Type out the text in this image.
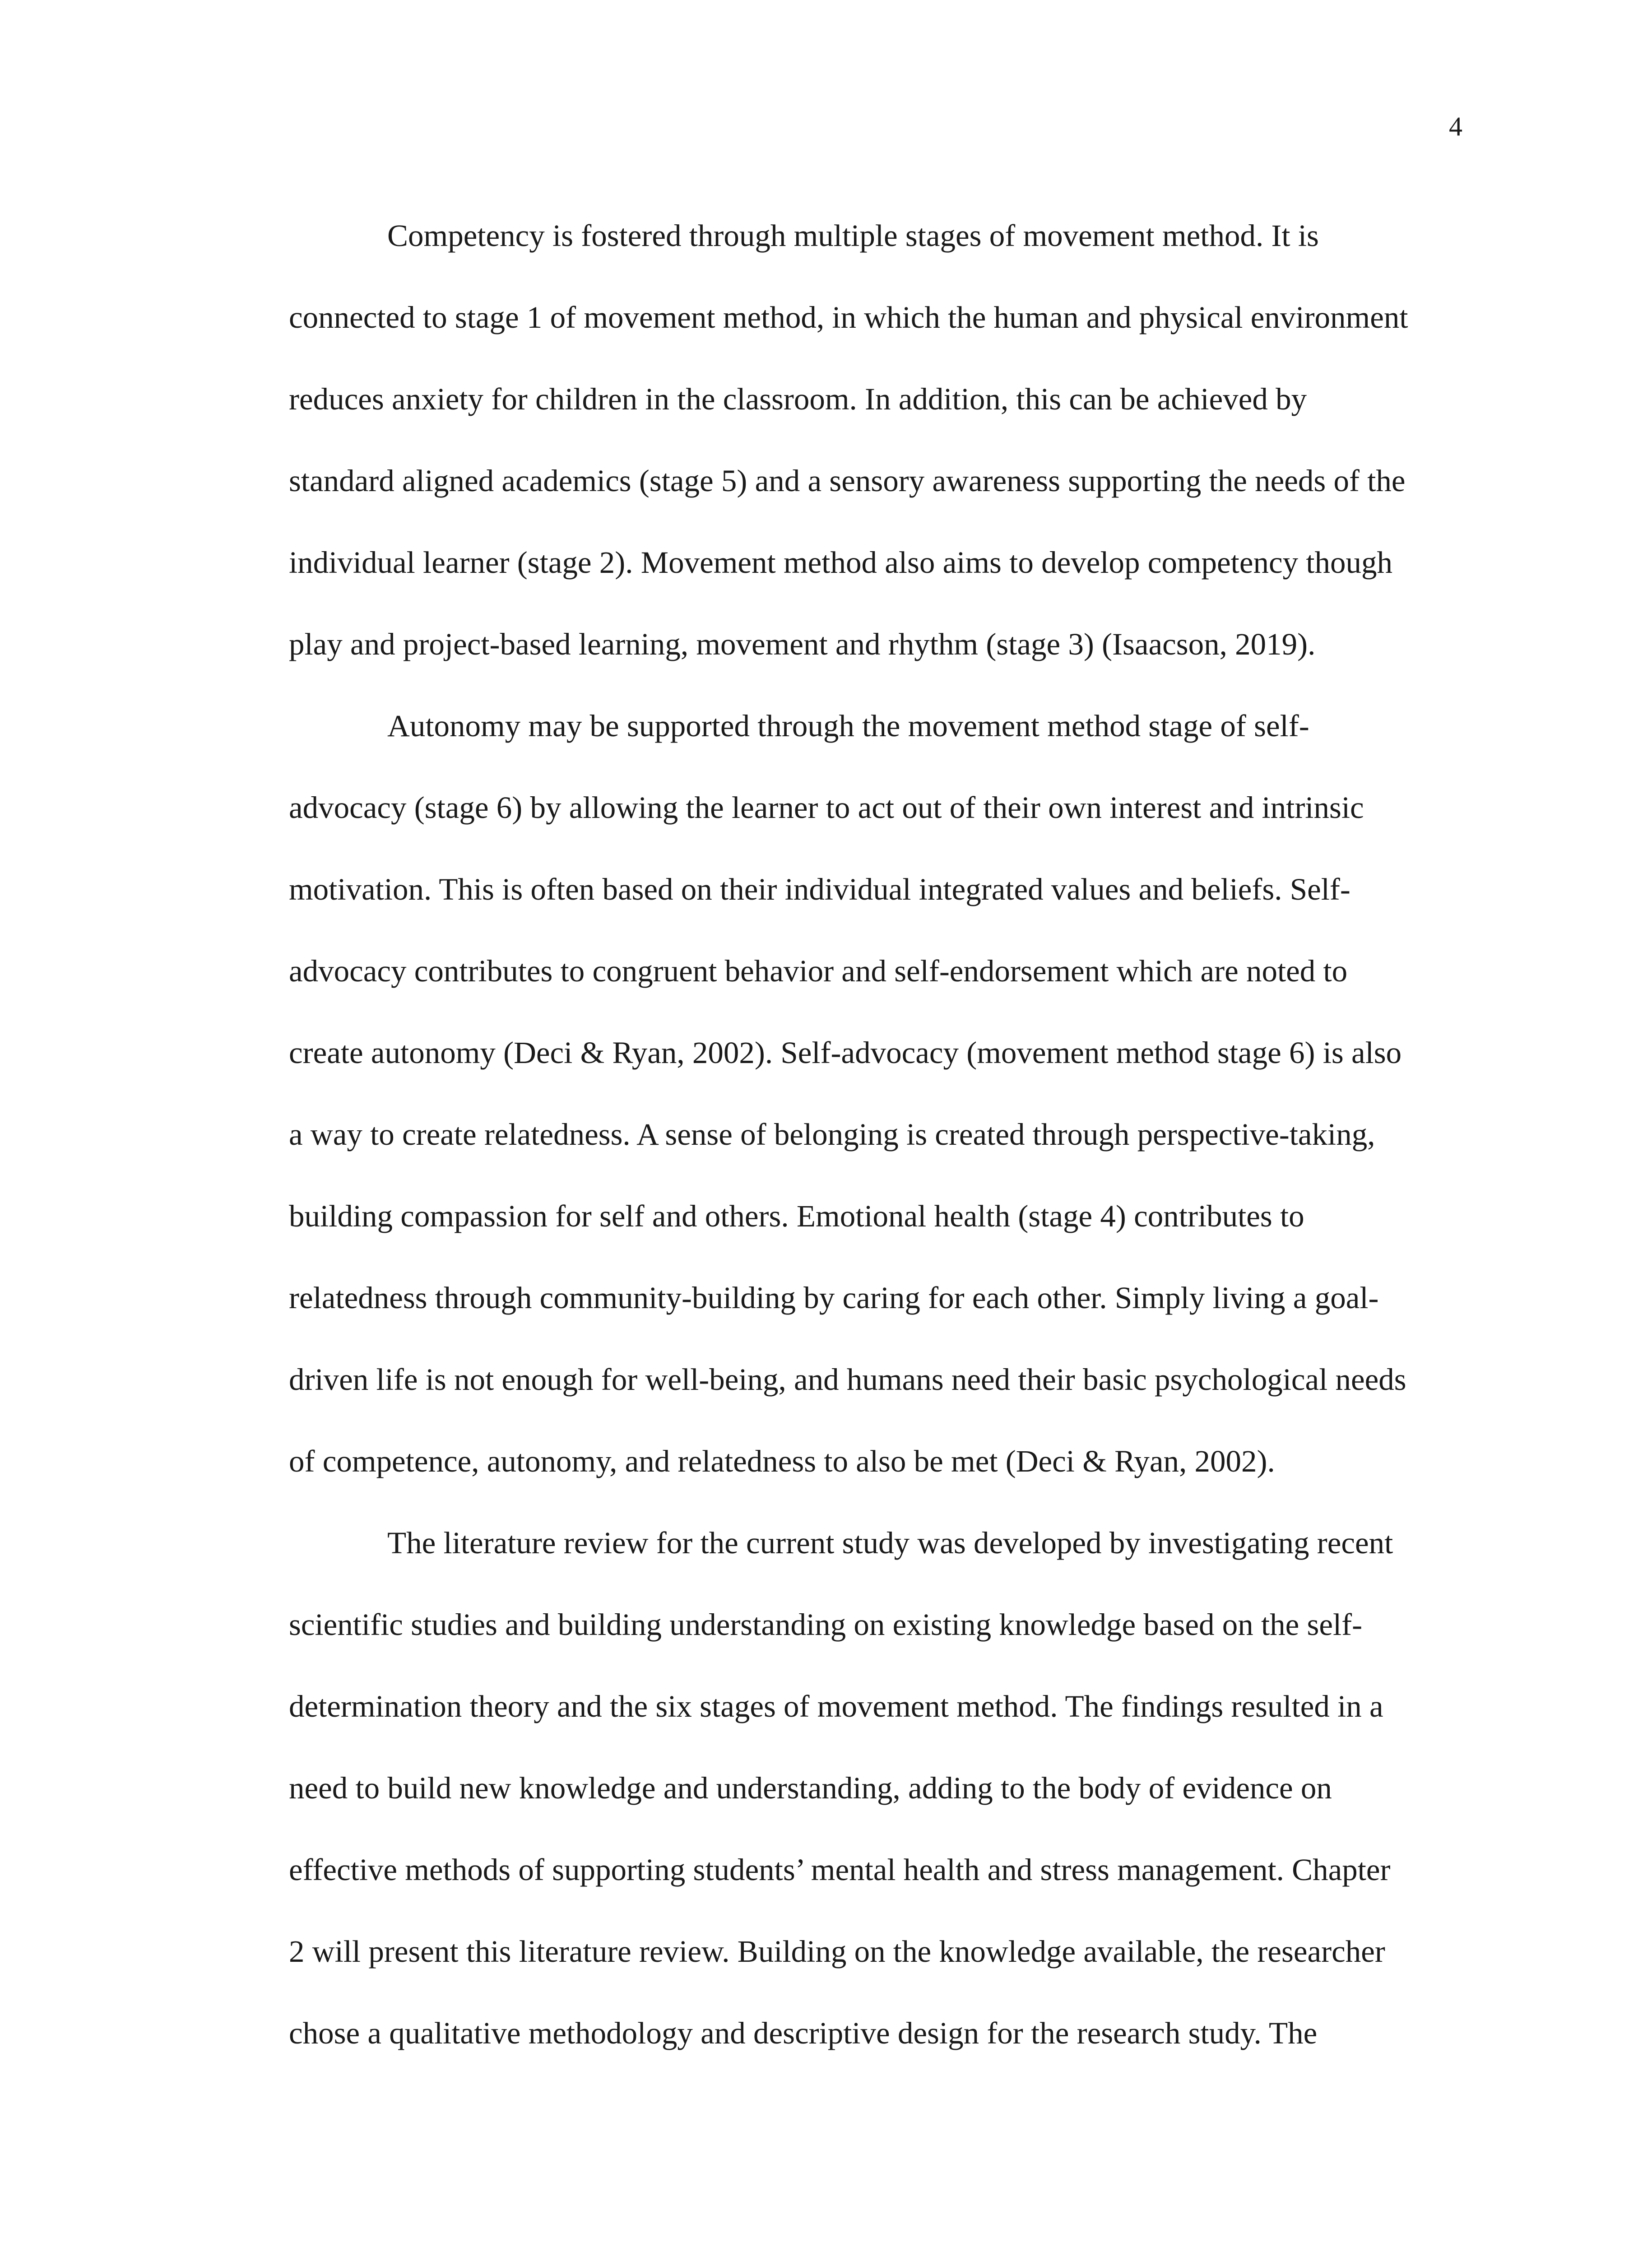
4
Competency is fostered through multiple stages of movement method. It is
connected to stage 1 of movement method, in which the human and physical environment
reduces anxiety for children in the classroom. In addition, this can be achieved by
standard aligned academics (stage 5) and a sensory awareness supporting the needs of the
individual learner (stage 2). Movement method also aims to develop competency though
play and project-based learning, movement and rhythm (stage 3) (Isaacson, 2019).
Autonomy may be supported through the movement method stage of self-
advocacy (stage 6) by allowing the learner to act out of their own interest and intrinsic
motivation. This is often based on their individual integrated values and beliefs. Self-
advocacy contributes to congruent behavior and self-endorsement which are noted to
create autonomy (Deci & Ryan, 2002). Self-advocacy (movement method stage 6) is also
a way to create relatedness. A sense of belonging is created through perspective-taking,
building compassion for self and others. Emotional health (stage 4) contributes to
relatedness through community-building by caring for each other. Simply living a goal-
driven life is not enough for well-being, and humans need their basic psychological needs
of competence, autonomy, and relatedness to also be met (Deci & Ryan, 2002).
The literature review for the current study was developed by investigating recent
scientific studies and building understanding on existing knowledge based on the self-
determination theory and the six stages of movement method. The findings resulted in a
need to build new knowledge and understanding, adding to the body of evidence on
effective methods of supporting students’ mental health and stress management. Chapter
2 will present this literature review. Building on the knowledge available, the researcher
chose a qualitative methodology and descriptive design for the research study. The
